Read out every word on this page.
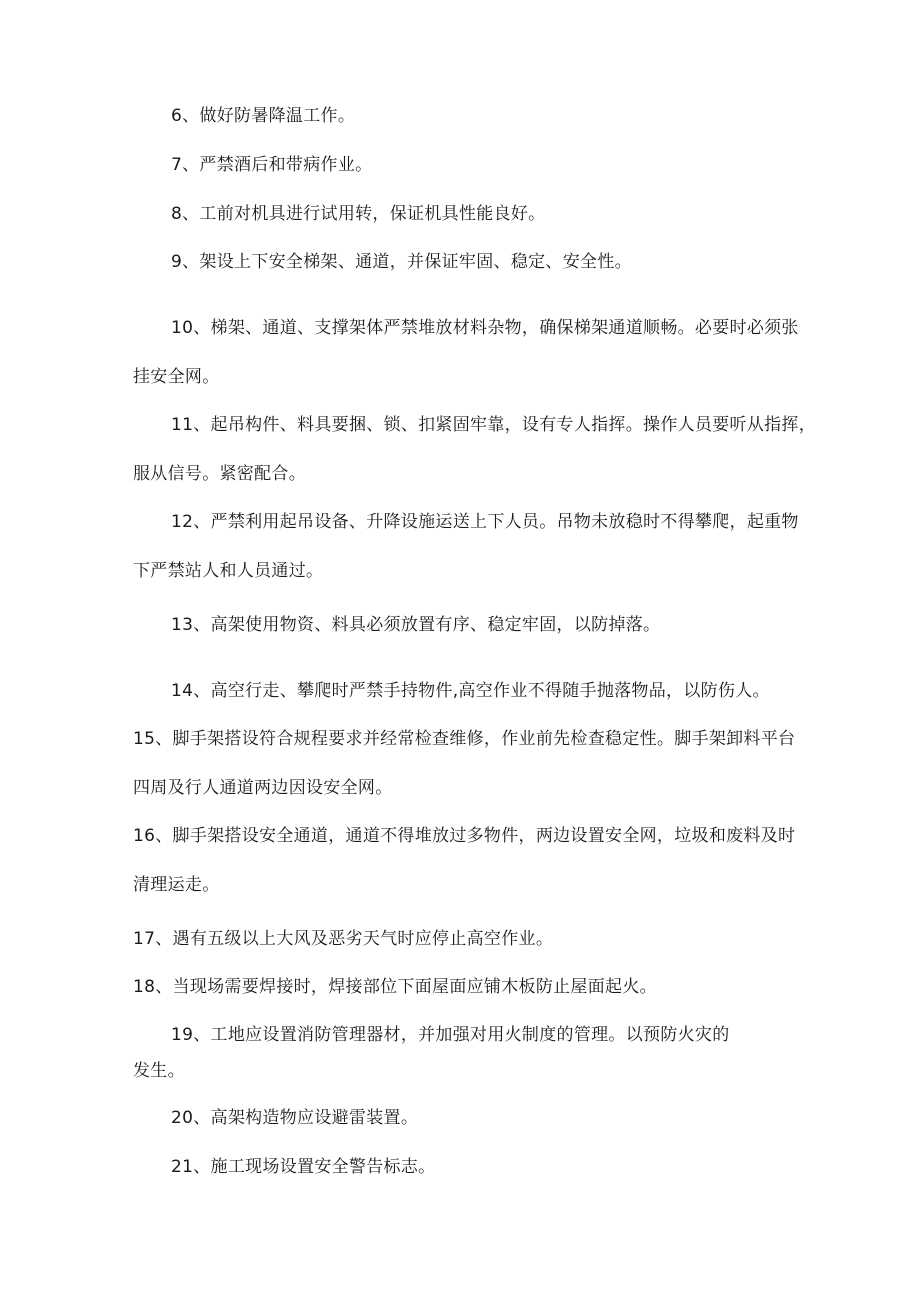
6、做好防暑降温工作。
7、严禁酒后和带病作业。
8、工前对机具进行试用转，保证机具性能良好。
9、架设上下安全梯架、通道，并保证牢固、稳定、安全性。
10、梯架、通道、支撑架体严禁堆放材料杂物，确保梯架通道顺畅。必要时必须张
挂安全网。
11、起吊构件、料具要捆、锁、扣紧固牢靠，设有专人指挥。操作人员要听从指挥，
服从信号。紧密配合。
12、严禁利用起吊设备、升降设施运送上下人员。吊物未放稳时不得攀爬，起重物
下严禁站人和人员通过。
13、高架使用物资、料具必须放置有序、稳定牢固，以防掉落。
14、高空行走、攀爬时严禁手持物件,高空作业不得随手抛落物品，以防伤人。
15、脚手架搭设符合规程要求并经常检查维修，作业前先检查稳定性。脚手架卸料平台
四周及行人通道两边因设安全网。
16、脚手架搭设安全通道，通道不得堆放过多物件，两边设置安全网，垃圾和废料及时
清理运走。
17、遇有五级以上大风及恶劣天气时应停止高空作业。
18、当现场需要焊接时，焊接部位下面屋面应铺木板防止屋面起火。
19、工地应设置消防管理器材，并加强对用火制度的管理。以预防火灾的
发生。
20、高架构造物应设避雷装置。
21、施工现场设置安全警告标志。
